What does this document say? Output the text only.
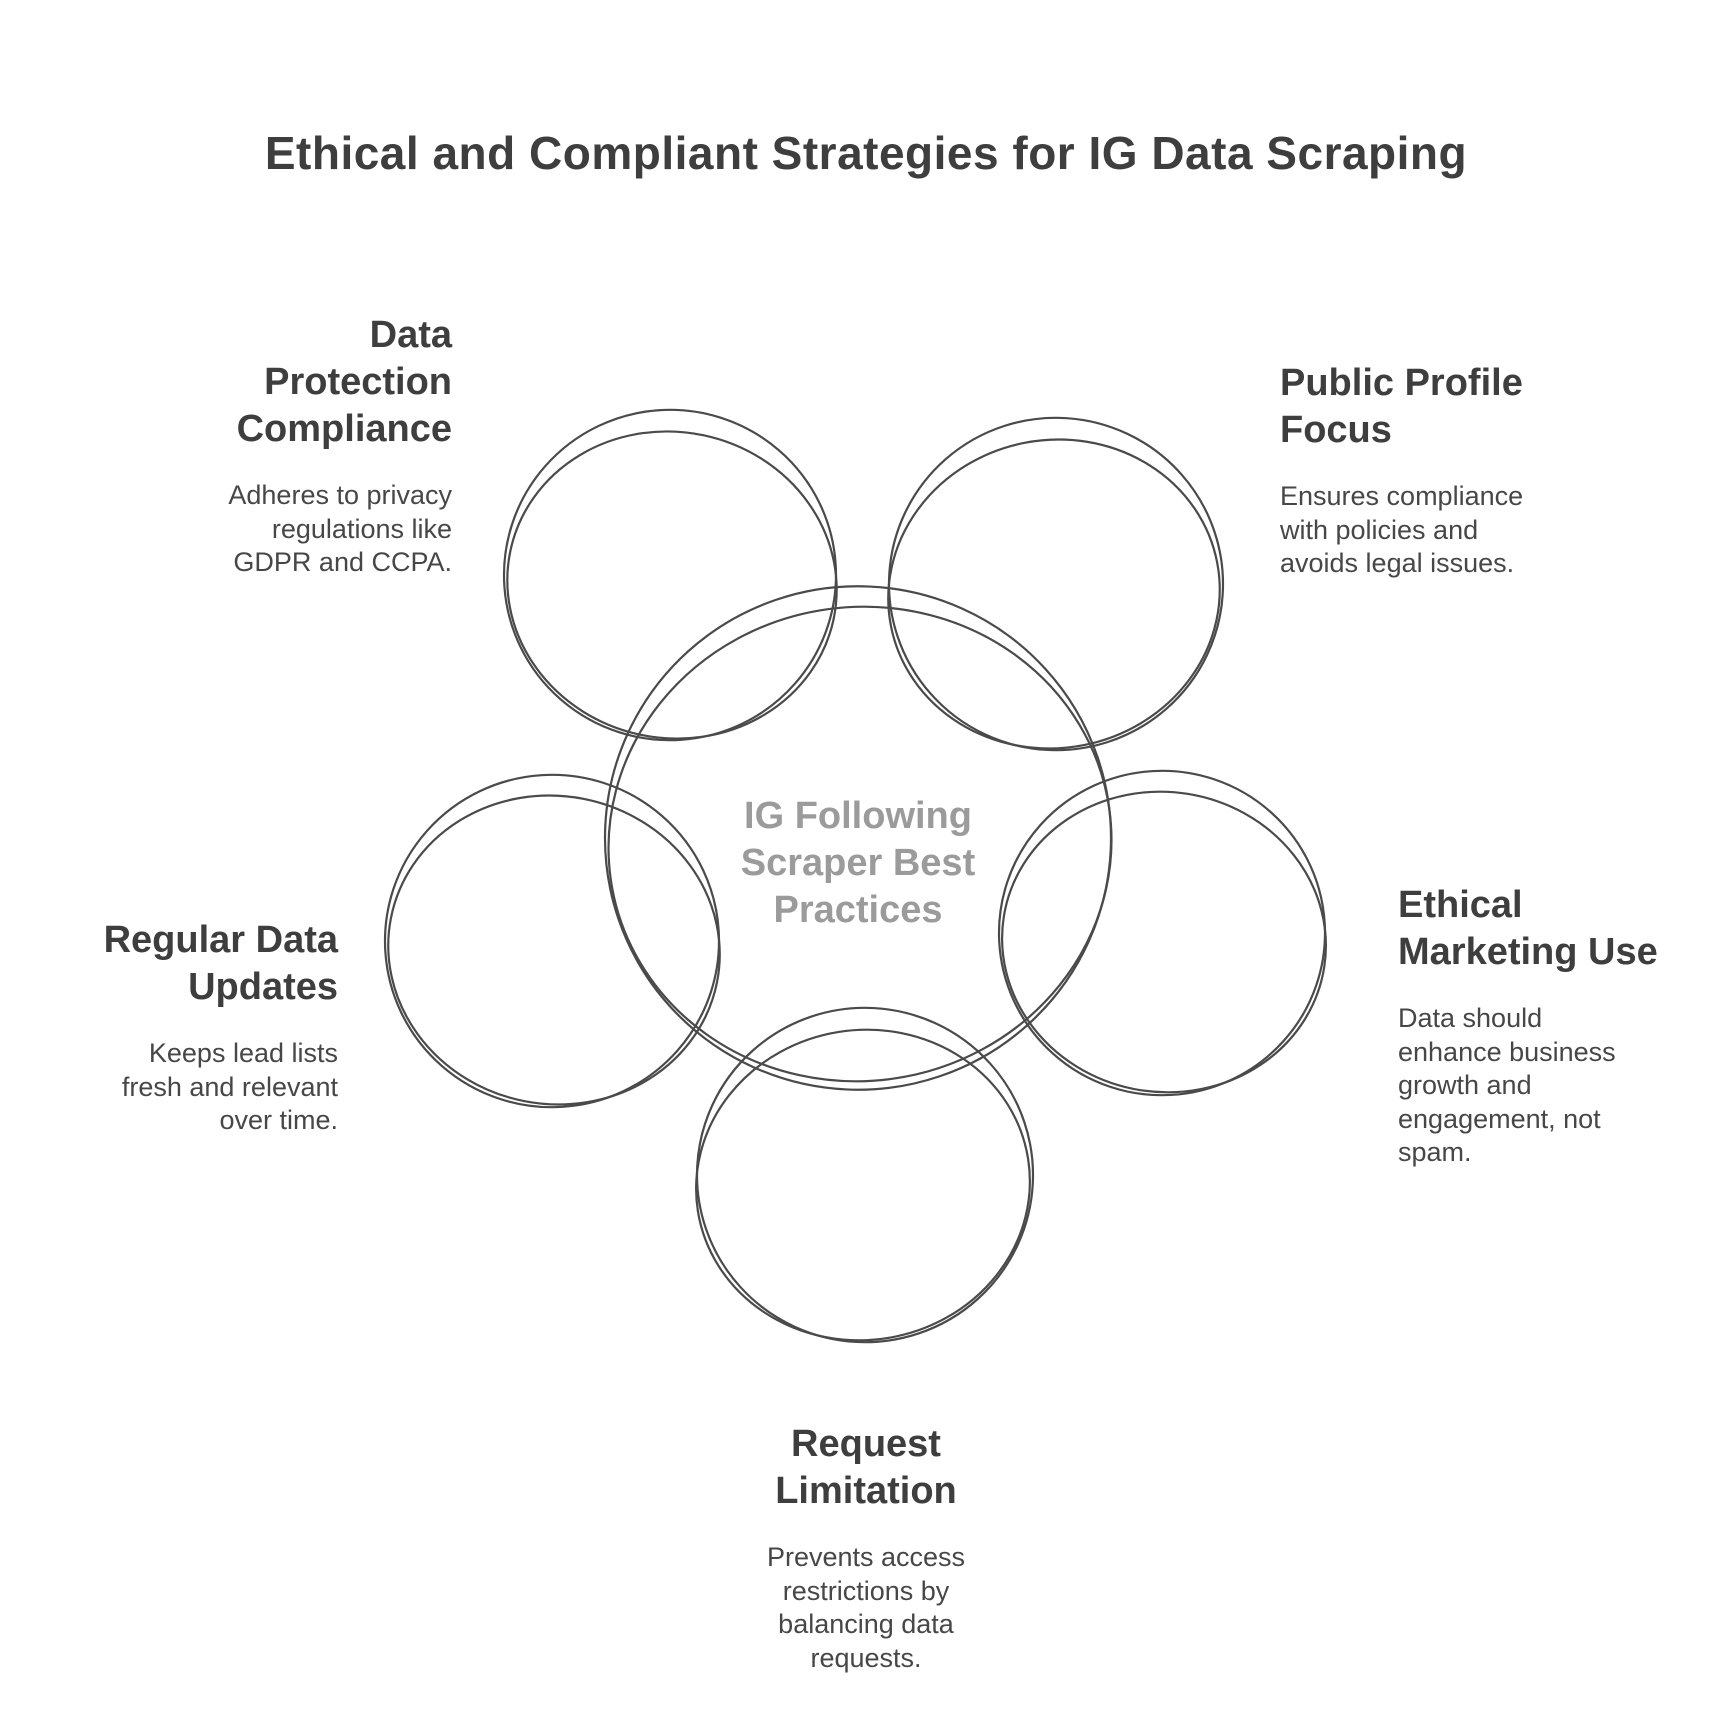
Ethical and Compliant Strategies for IG Data Scraping
Data Protection Compliance

Adheres to privacy regulations like GDPR and CCPA.

Public Profile Focus

Ensures compliance with policies and avoids legal issues.

Ethical Marketing Use

Data should enhance business growth and engagement, not spam.

Regular Data Updates

Keeps lead lists fresh and relevant over time.

Request Limitation

Prevents access restrictions by balancing data requests.

IG Following Scraper Best Practices
